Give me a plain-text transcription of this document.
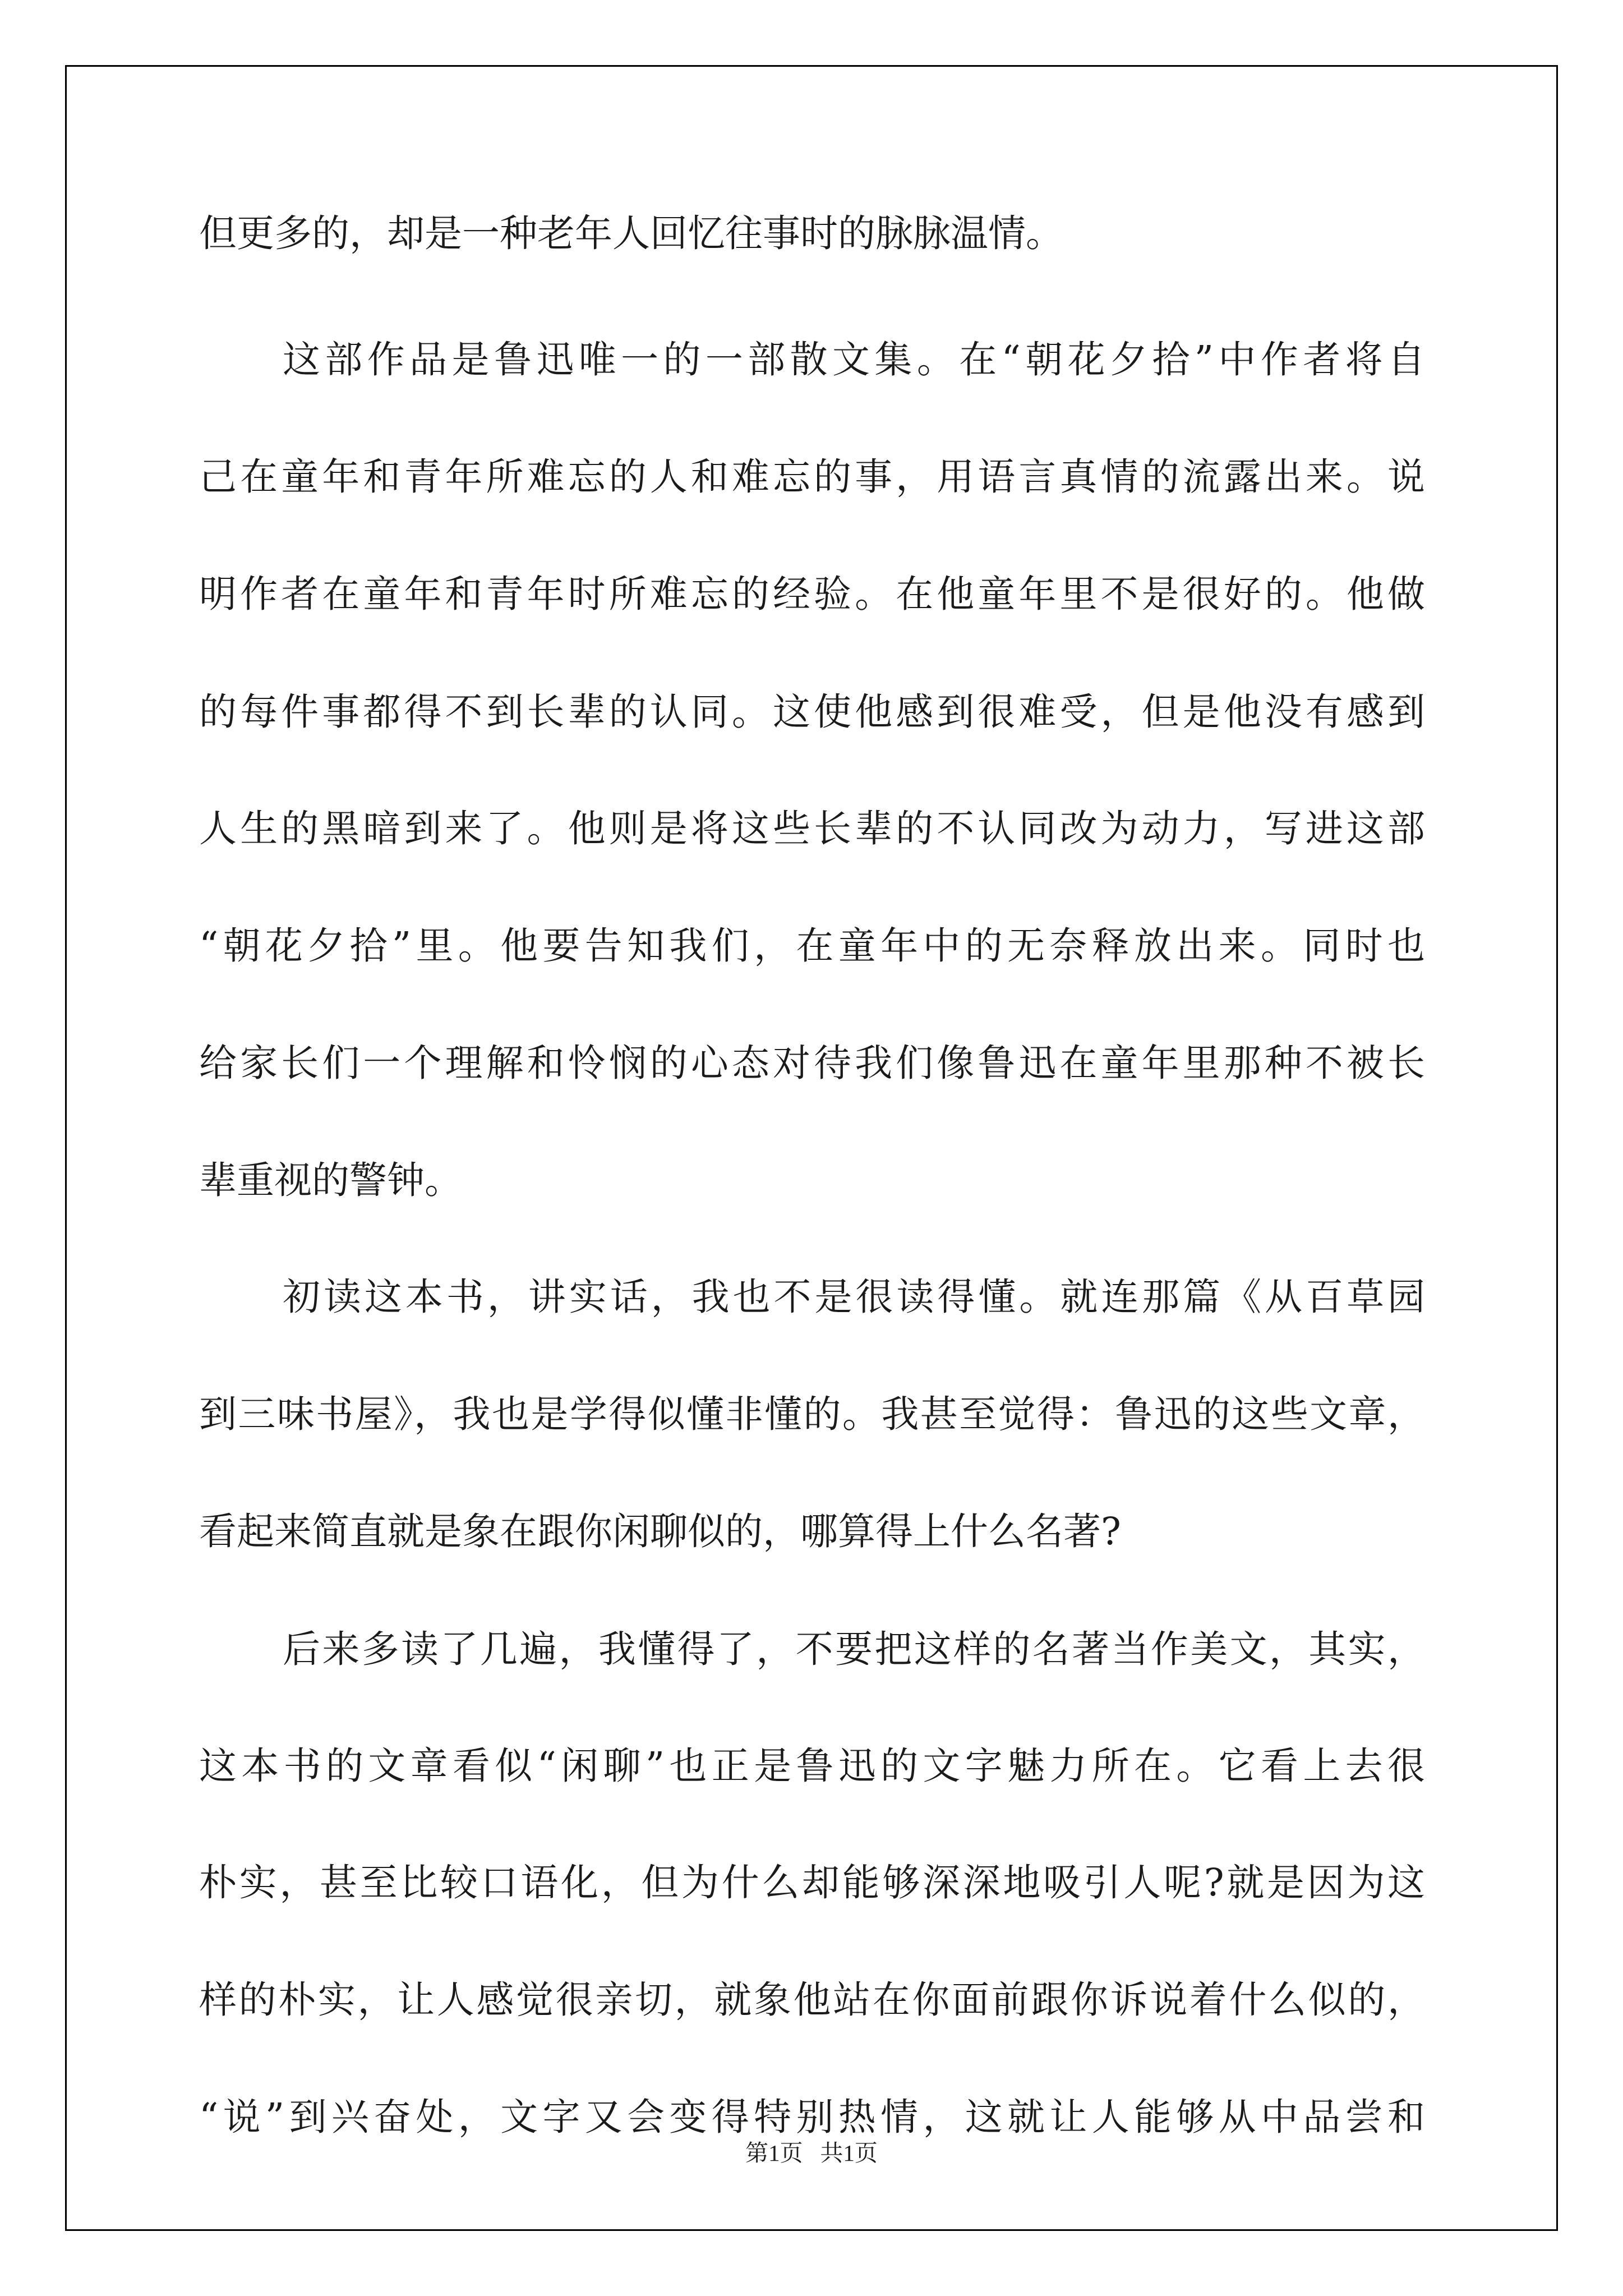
但更多的，却是一种老年人回忆往事时的脉脉温情。
这部作品是鲁迅唯一的一部散文集。在“朝花夕拾”中作者将自
己在童年和青年所难忘的人和难忘的事，用语言真情的流露出来。说
明作者在童年和青年时所难忘的经验。在他童年里不是很好的。他做
的每件事都得不到长辈的认同。这使他感到很难受，但是他没有感到
人生的黑暗到来了。他则是将这些长辈的不认同改为动力，写进这部
“朝花夕拾”里。他要告知我们，在童年中的无奈释放出来。同时也
给家长们一个理解和怜悯的心态对待我们像鲁迅在童年里那种不被长
辈重视的警钟。
初读这本书，讲实话，我也不是很读得懂。就连那篇《从百草园
到三味书屋》，我也是学得似懂非懂的。我甚至觉得：鲁迅的这些文章，
看起来简直就是象在跟你闲聊似的，哪算得上什么名著?
后来多读了几遍，我懂得了，不要把这样的名著当作美文，其实，
这本书的文章看似“闲聊”也正是鲁迅的文字魅力所在。它看上去很
朴实，甚至比较口语化，但为什么却能够深深地吸引人呢?就是因为这
样的朴实，让人感觉很亲切，就象他站在你面前跟你诉说着什么似的，
“说”到兴奋处，文字又会变得特别热情，这就让人能够从中品尝和
第1页   共1页
